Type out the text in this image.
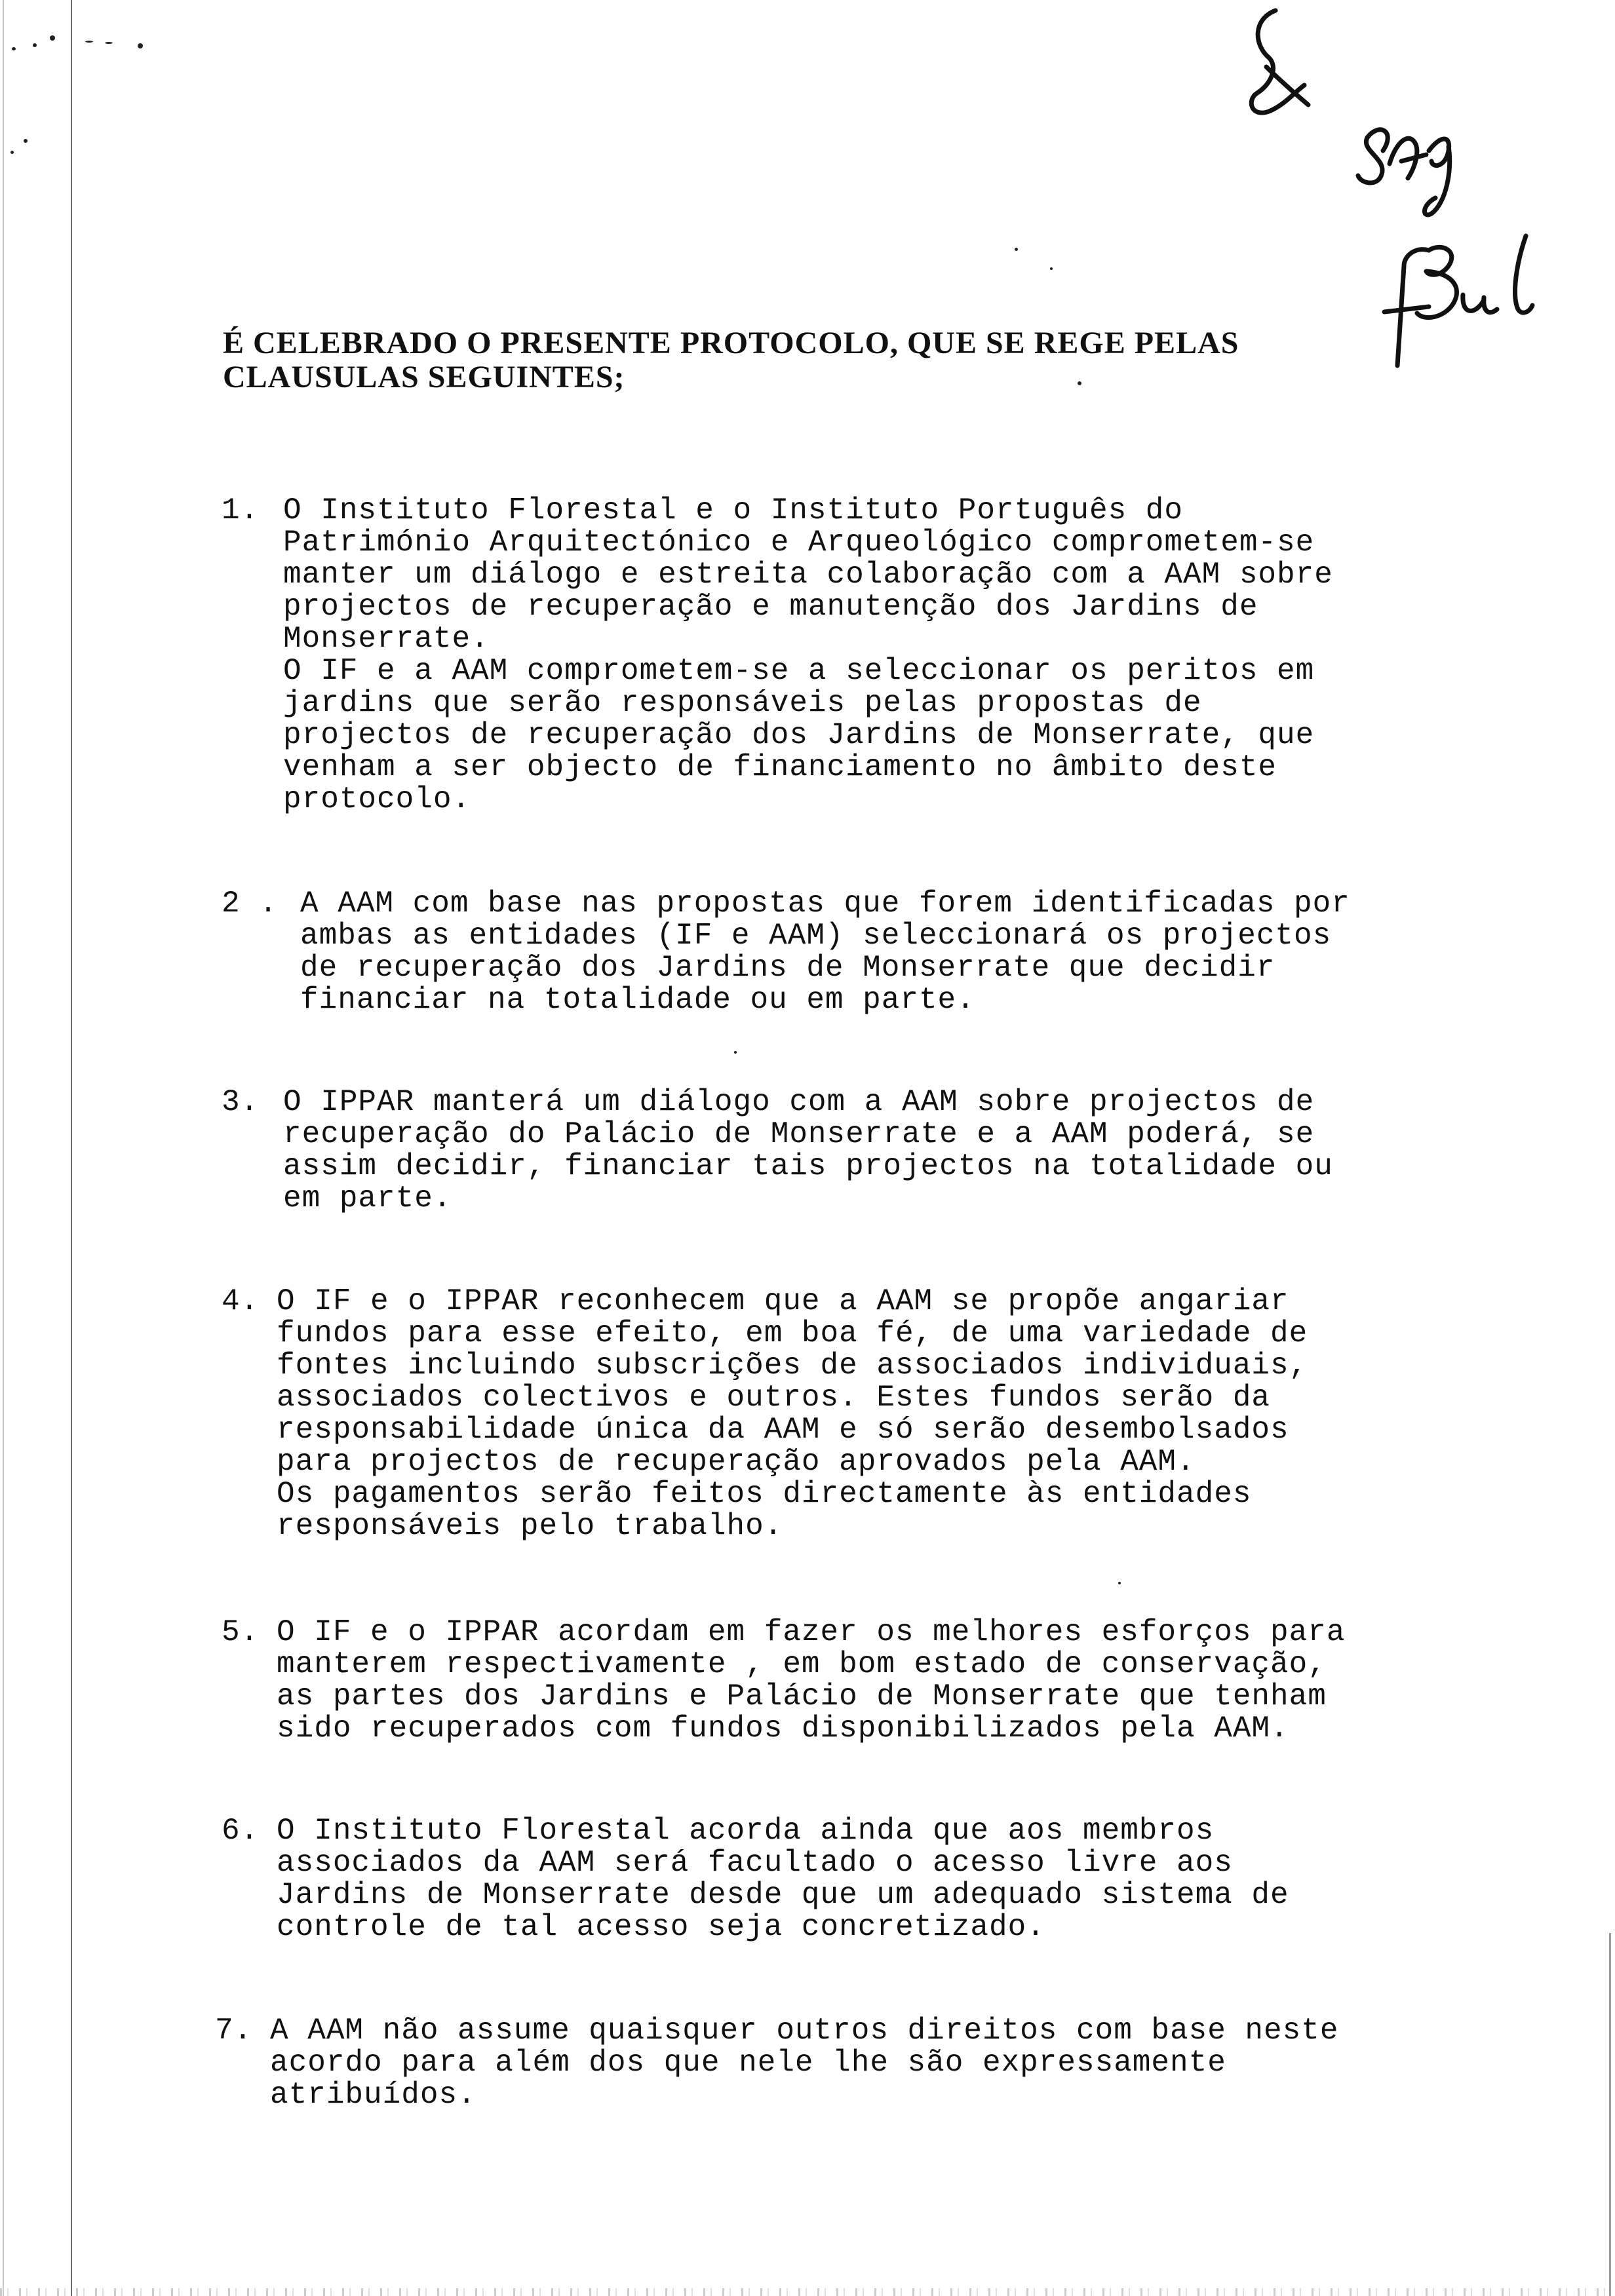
É CELEBRADO O PRESENTE PROTOCOLO, QUE SE REGE PELAS
CLAUSULAS SEGUINTES;
1. O Instituto Florestal e o Instituto Português do
Património Arquitectónico e Arqueológico comprometem-se
manter um diálogo e estreita colaboração com a AAM sobre
projectos de recuperação e manutenção dos Jardins de
Monserrate.
O IF e a AAM comprometem-se a seleccionar os peritos em
jardins que serão responsáveis pelas propostas de
projectos de recuperação dos Jardins de Monserrate, que
venham a ser objecto de financiamento no âmbito deste
protocolo.
2 . A AAM com base nas propostas que forem identificadas por
ambas as entidades (IF e AAM) seleccionará os projectos
de recuperação dos Jardins de Monserrate que decidir
financiar na totalidade ou em parte.
3. O IPPAR manterá um diálogo com a AAM sobre projectos de
recuperação do Palácio de Monserrate e a AAM poderá, se
assim decidir, financiar tais projectos na totalidade ou
em parte.
4. O IF e o IPPAR reconhecem que a AAM se propõe angariar
fundos para esse efeito, em boa fé, de uma variedade de
fontes incluindo subscrições de associados individuais,
associados colectivos e outros. Estes fundos serão da
responsabilidade única da AAM e só serão desembolsados
para projectos de recuperação aprovados pela AAM.
Os pagamentos serão feitos directamente às entidades
responsáveis pelo trabalho.
5. O IF e o IPPAR acordam em fazer os melhores esforços para
manterem respectivamente , em bom estado de conservação,
as partes dos Jardins e Palácio de Monserrate que tenham
sido recuperados com fundos disponibilizados pela AAM.
6. O Instituto Florestal acorda ainda que aos membros
associados da AAM será facultado o acesso livre aos
Jardins de Monserrate desde que um adequado sistema de
controle de tal acesso seja concretizado.
7. A AAM não assume quaisquer outros direitos com base neste
acordo para além dos que nele lhe são expressamente
atribuídos.
